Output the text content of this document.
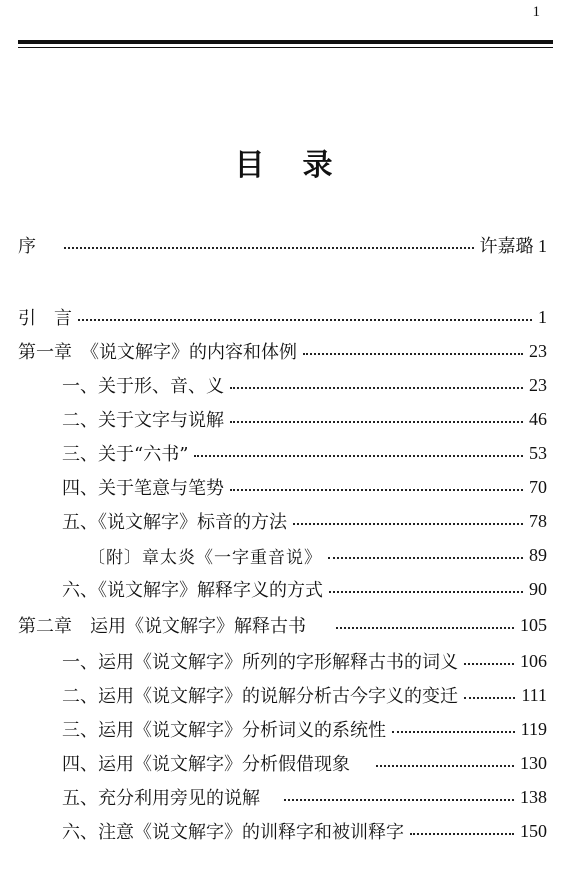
1
目录
序	许嘉璐 1
引　言	1
第一章　《说文解字》的内容和体例	23
一、关于形、音、义	23
二、关于文字与说解	46
三、关于“六书”	53
四、关于笔意与笔势	70
五、《说文解字》标音的方法	78
〔附〕章太炎《一字重音说》	89
六、《说文解字》解释字义的方式	90
第二章　运用《说文解字》解释古书	105
一、运用《说文解字》所列的字形解释古书的词义	106
二、运用《说文解字》的说解分析古今字义的变迁	111
三、运用《说文解字》分析词义的系统性	119
四、运用《说文解字》分析假借现象	130
五、充分利用旁见的说解	138
六、注意《说文解字》的训释字和被训释字	150
